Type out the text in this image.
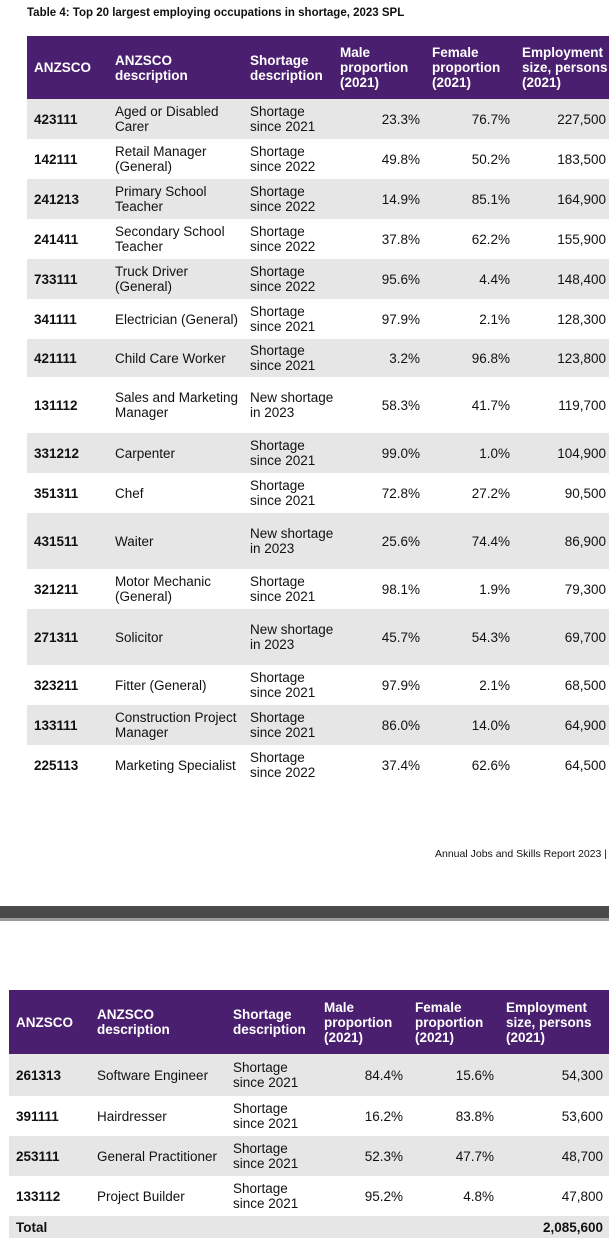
Table 4: Top 20 largest employing occupations in shortage, 2023 SPL
ANZSCO	ANZSCO description	Shortage description	Male proportion (2021)	Female proportion (2021)	Employment size, persons (2021)

423111	Aged or Disabled Carer	Shortage since 2021	23.3%	76.7%	227,500
142111	Retail Manager (General)	Shortage since 2022	49.8%	50.2%	183,500
241213	Primary School Teacher	Shortage since 2022	14.9%	85.1%	164,900
241411	Secondary School Teacher	Shortage since 2022	37.8%	62.2%	155,900
733111	Truck Driver (General)	Shortage since 2022	95.6%	4.4%	148,400
341111	Electrician (General)	Shortage since 2021	97.9%	2.1%	128,300
421111	Child Care Worker	Shortage since 2021	3.2%	96.8%	123,800
131112	Sales and Marketing Manager	New shortage in 2023	58.3%	41.7%	119,700
331212	Carpenter	Shortage since 2021	99.0%	1.0%	104,900
351311	Chef	Shortage since 2021	72.8%	27.2%	90,500
431511	Waiter	New shortage in 2023	25.6%	74.4%	86,900
321211	Motor Mechanic (General)	Shortage since 2021	98.1%	1.9%	79,300
271311	Solicitor	New shortage in 2023	45.7%	54.3%	69,700
323211	Fitter (General)	Shortage since 2021	97.9%	2.1%	68,500
133111	Construction Project Manager	Shortage since 2021	86.0%	14.0%	64,900
225113	Marketing Specialist	Shortage since 2022	37.4%	62.6%	64,500
Annual Jobs and Skills Report 2023 |
ANZSCO	ANZSCO description	Shortage description	Male proportion (2021)	Female proportion (2021)	Employment size, persons (2021)

261313	Software Engineer	Shortage since 2021	84.4%	15.6%	54,300
391111	Hairdresser	Shortage since 2021	16.2%	83.8%	53,600
253111	General Practitioner	Shortage since 2021	52.3%	47.7%	48,700
133112	Project Builder	Shortage since 2021	95.2%	4.8%	47,800
Total					2,085,600
